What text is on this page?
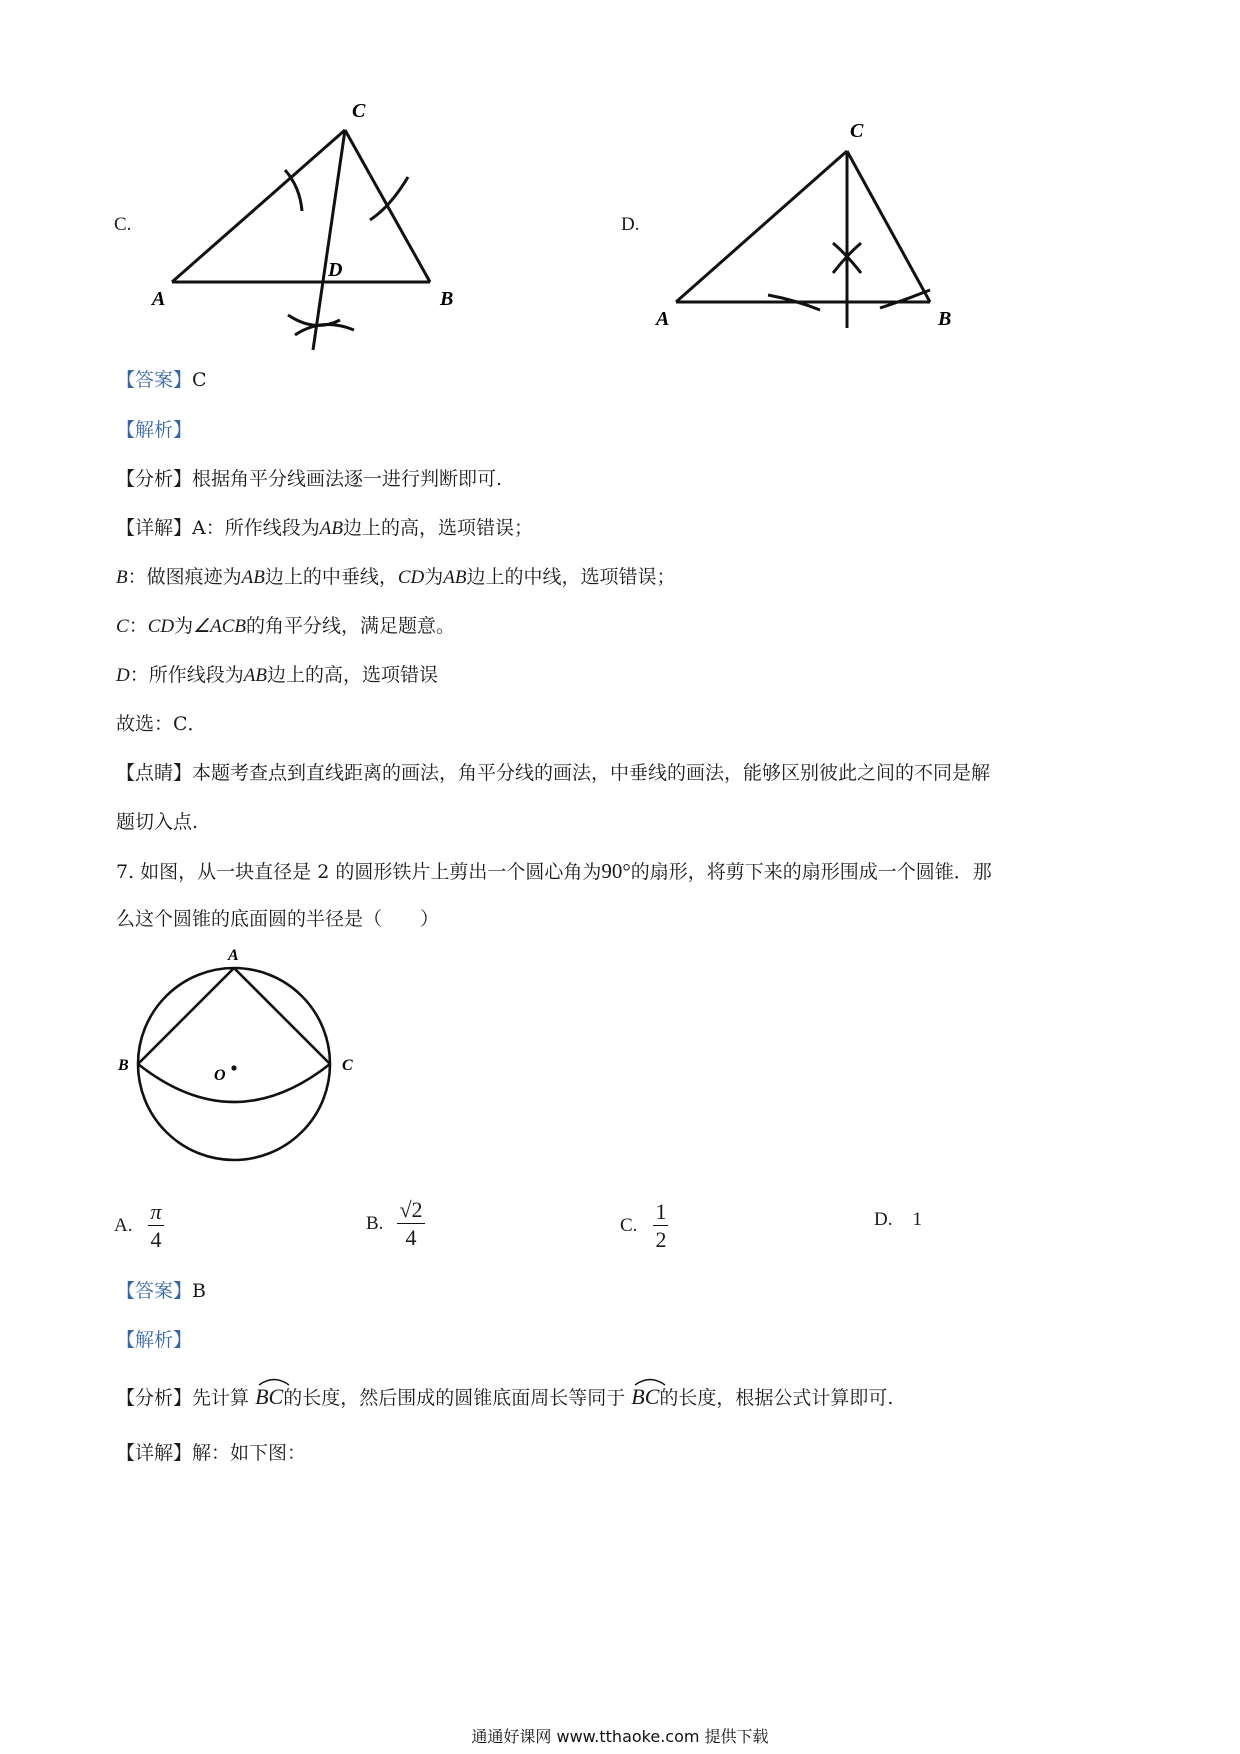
C.
C
A	B
D
D.
C
A	B
【答案】C
【解析】
【分析】根据角平分线画法逐一进行判断即可.
【详解】A：所作线段为AB边上的高，选项错误；
B：做图痕迹为AB边上的中垂线，CD为AB边上的中线，选项错误；
C：CD为∠ACB的角平分线，满足题意。
D：所作线段为AB边上的高，选项错误
故选：C．
【点睛】本题考查点到直线距离的画法，角平分线的画法，中垂线的画法，能够区别彼此之间的不同是解
题切入点.
7. 如图，从一块直径是 2 的圆形铁片上剪出一个圆心角为90°的扇形，将剪下来的扇形围成一个圆锥．那
么这个圆锥的底面圆的半径是（　　）
A
B	C
O
A. $\frac{\pi}{4}$	B. $\frac{√2}{4}$	C. $\frac{1}{2}$	D. 1
【答案】B
【解析】
【分析】先计算 BC的长度，然后围成的圆锥底面周长等同于 BC的长度，根据公式计算即可.
【详解】解：如下图：
通通好课网 www.tthaoke.com 提供下载
